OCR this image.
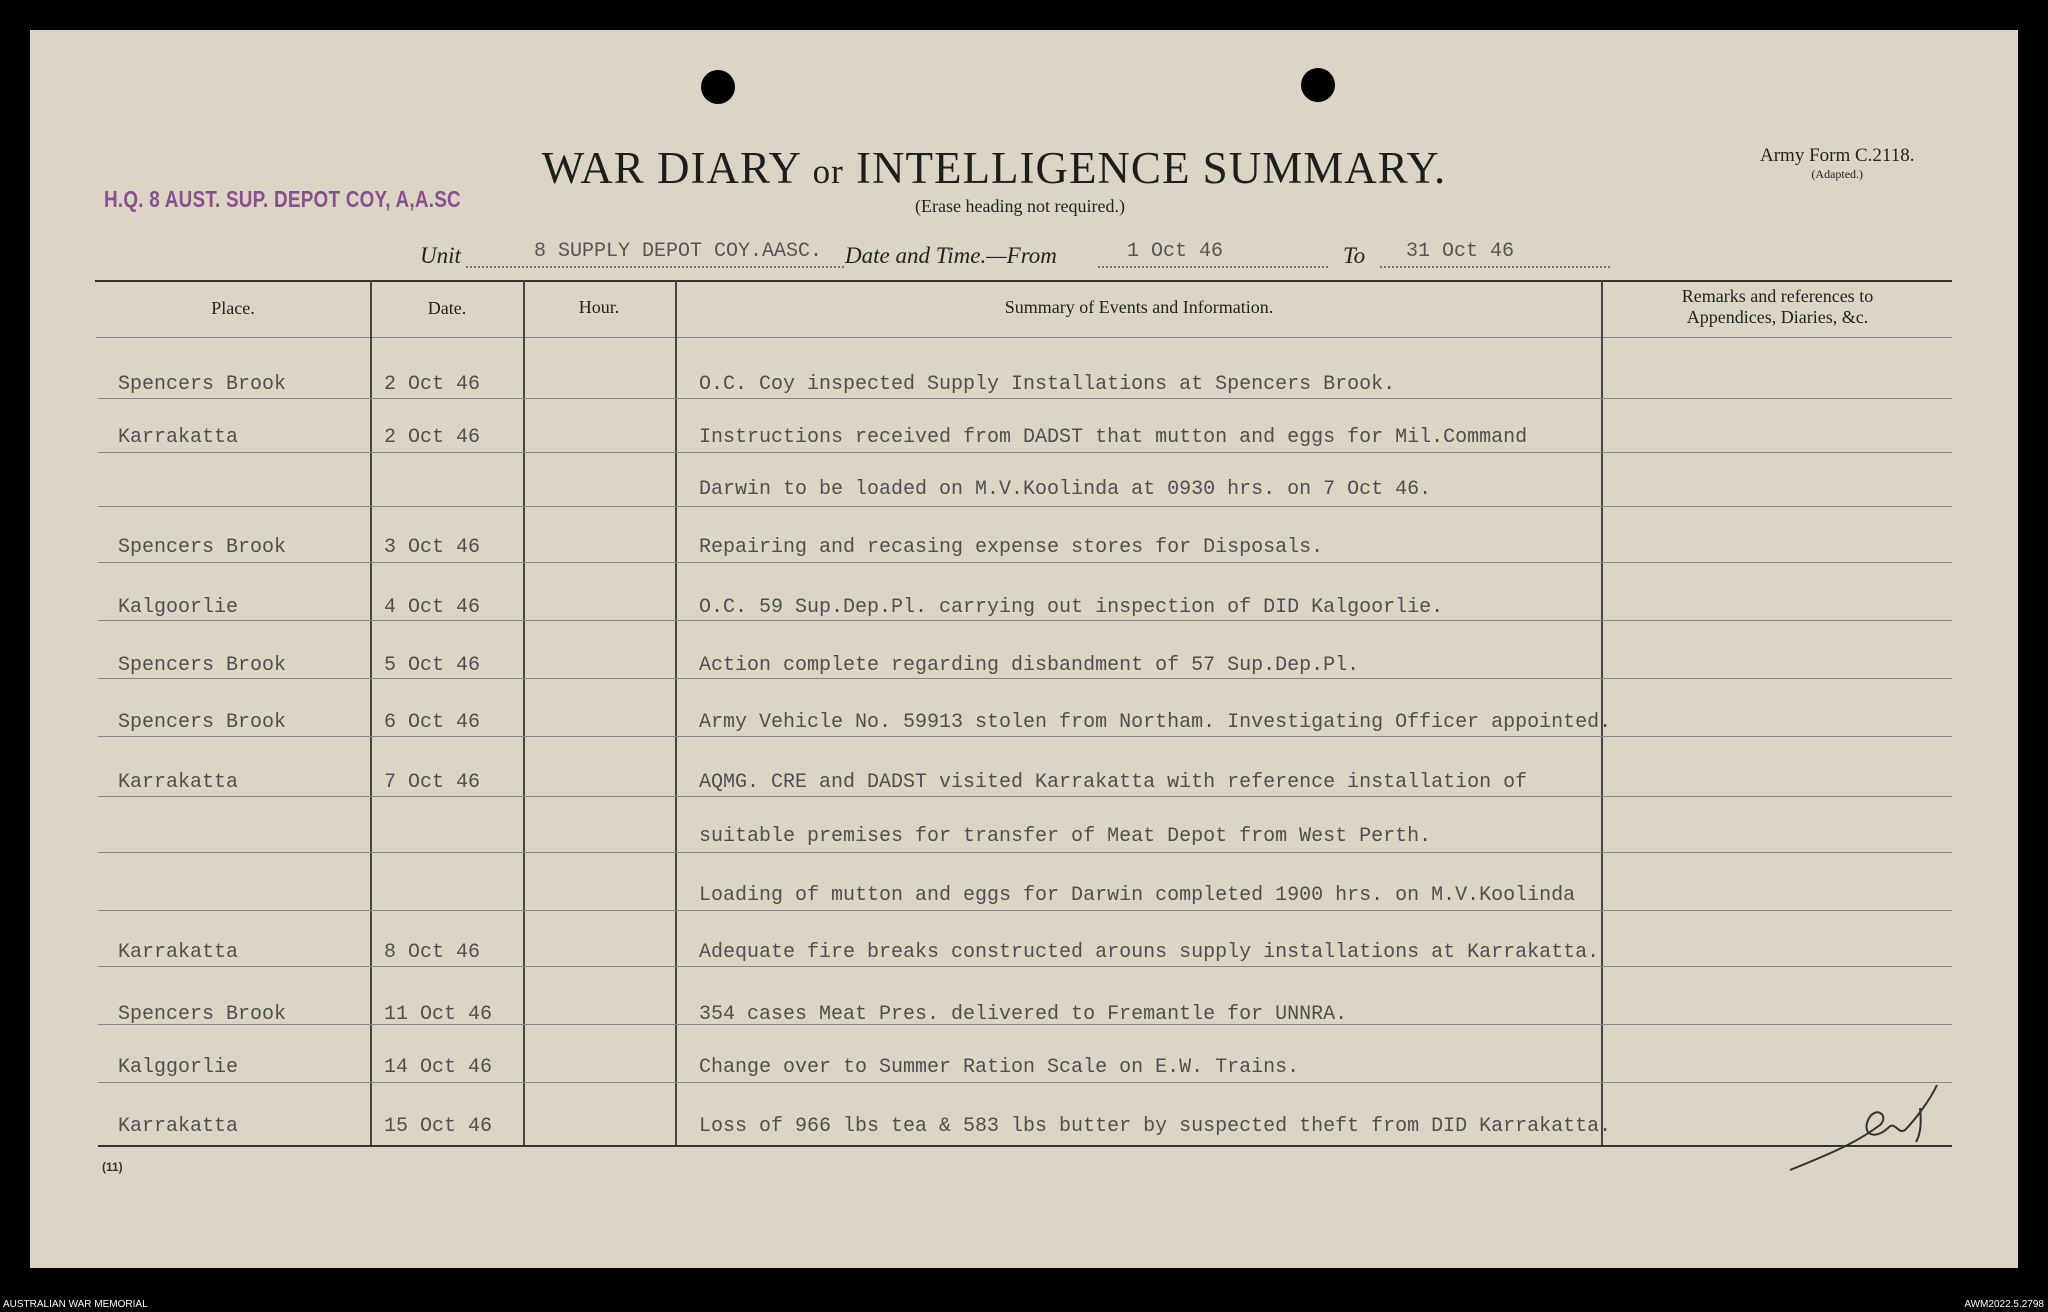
H.Q. 8 AUST. SUP. DEPOT COY, A,A.SC
WAR DIARY or INTELLIGENCE SUMMARY.
(Erase heading not required.)
Army Form C.2118.
(Adapted.)
Unit	8 SUPPLY DEPOT COY.AASC. Date and Time.—From	1 Oct 46	To 31 Oct 46
Place.	Date.	Hour.	Summary of Events and Information.
Remarks and references to
Appendices, Diaries, &c.
Spencers Brook	2 Oct 46	O.C. Coy inspected Supply Installations at Spencers Brook.
Karrakatta	2 Oct 46	Instructions received from DADST that mutton and eggs for Mil.Command
Darwin to be loaded on M.V.Koolinda at 0930 hrs. on 7 Oct 46.
Spencers Brook	3 Oct 46	Repairing and recasing expense stores for Disposals.
Kalgoorlie	4 Oct 46	O.C. 59 Sup.Dep.Pl. carrying out inspection of DID Kalgoorlie.
Spencers Brook	5 Oct 46	Action complete regarding disbandment of 57 Sup.Dep.Pl.
Spencers Brook	6 Oct 46	Army Vehicle No. 59913 stolen from Northam. Investigating Officer appointed.
Karrakatta	7 Oct 46	AQMG. CRE and DADST visited Karrakatta with reference installation of
suitable premises for transfer of Meat Depot from West Perth.
Loading of mutton and eggs for Darwin completed 1900 hrs. on M.V.Koolinda
Karrakatta	8 Oct 46	Adequate fire breaks constructed arouns supply installations at Karrakatta.
Spencers Brook	11 Oct 46	354 cases Meat Pres. delivered to Fremantle for UNNRA.
Kalggorlie	14 Oct 46	Change over to Summer Ration Scale on E.W. Trains.
Karrakatta	15 Oct 46	Loss of 966 lbs tea & 583 lbs butter by suspected theft from DID Karrakatta.
(11)
AUSTRALIAN WAR MEMORIAL	AWM2022.5.2798
